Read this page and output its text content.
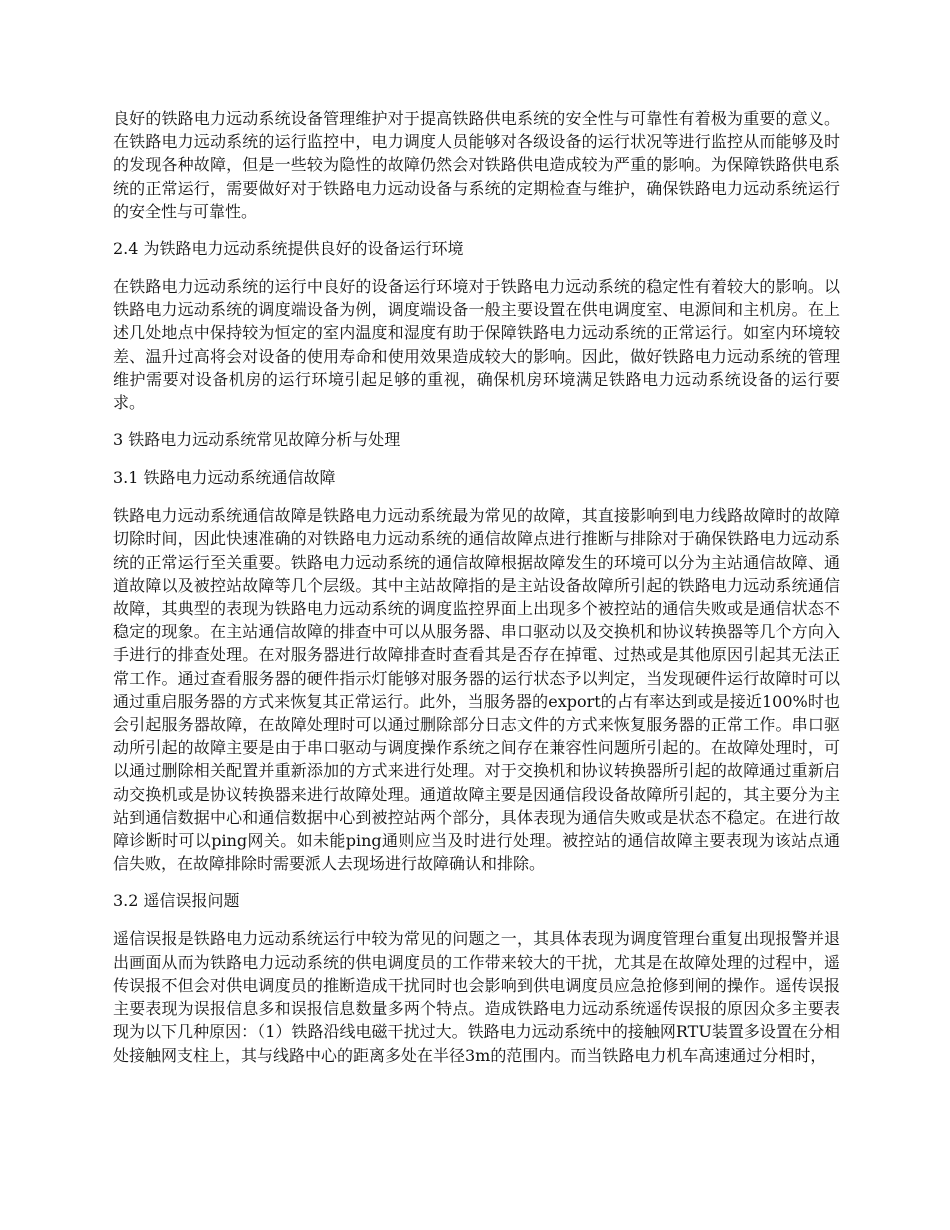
良好的铁路电力远动系统设备管理维护对于提高铁路供电系统的安全性与可靠性有着极为重要的意义。在铁路电力远动系统的运行监控中，电力调度人员能够对各级设备的运行状况等进行监控从而能够及时的发现各种故障，但是一些较为隐性的故障仍然会对铁路供电造成较为严重的影响。为保障铁路供电系统的正常运行，需要做好对于铁路电力远动设备与系统的定期检查与维护，确保铁路电力远动系统运行的安全性与可靠性。

2.4 为铁路电力远动系统提供良好的设备运行环境

在铁路电力远动系统的运行中良好的设备运行环境对于铁路电力远动系统的稳定性有着较大的影响。以铁路电力远动系统的调度端设备为例，调度端设备一般主要设置在供电调度室、电源间和主机房。在上述几处地点中保持较为恒定的室内温度和湿度有助于保障铁路电力远动系统的正常运行。如室内环境较差、温升过高将会对设备的使用寿命和使用效果造成较大的影响。因此，做好铁路电力远动系统的管理维护需要对设备机房的运行环境引起足够的重视，确保机房环境满足铁路电力远动系统设备的运行要求。

3 铁路电力远动系统常见故障分析与处理

3.1 铁路电力远动系统通信故障

铁路电力远动系统通信故障是铁路电力远动系统最为常见的故障，其直接影响到电力线路故障时的故障切除时间，因此快速准确的对铁路电力远动系统的通信故障点进行推断与排除对于确保铁路电力远动系统的正常运行至关重要。铁路电力远动系统的通信故障根据故障发生的环境可以分为主站通信故障、通道故障以及被控站故障等几个层级。其中主站故障指的是主站设备故障所引起的铁路电力远动系统通信故障，其典型的表现为铁路电力远动系统的调度监控界面上出现多个被控站的通信失败或是通信状态不稳定的现象。在主站通信故障的排查中可以从服务器、串口驱动以及交换机和协议转换器等几个方向入手进行的排查处理。在对服务器进行故障排查时查看其是否存在掉電、过热或是其他原因引起其无法正常工作。通过查看服务器的硬件指示灯能够对服务器的运行状态予以判定，当发现硬件运行故障时可以通过重启服务器的方式来恢复其正常运行。此外，当服务器的export的占有率达到或是接近100%时也会引起服务器故障，在故障处理时可以通过删除部分日志文件的方式来恢复服务器的正常工作。串口驱动所引起的故障主要是由于串口驱动与调度操作系统之间存在兼容性问题所引起的。在故障处理时，可以通过删除相关配置并重新添加的方式来进行处理。对于交换机和协议转换器所引起的故障通过重新启动交换机或是协议转换器来进行故障处理。通道故障主要是因通信段设备故障所引起的，其主要分为主站到通信数据中心和通信数据中心到被控站两个部分，具体表现为通信失败或是状态不稳定。在进行故障诊断时可以ping网关。如未能ping通则应当及时进行处理。被控站的通信故障主要表现为该站点通信失败，在故障排除时需要派人去现场进行故障确认和排除。

3.2 遥信误报问题

遥信误报是铁路电力远动系统运行中较为常见的问题之一，其具体表现为调度管理台重复出现报警并退出画面从而为铁路电力远动系统的供电调度员的工作带来较大的干扰，尤其是在故障处理的过程中，遥传误报不但会对供电调度员的推断造成干扰同时也会影响到供电调度员应急抢修到闸的操作。遥传误报主要表现为误报信息多和误报信息数量多两个特点。造成铁路电力远动系统遥传误报的原因众多主要表现为以下几种原因：（1）铁路沿线电磁干扰过大。铁路电力远动系统中的接触网RTU装置多设置在分相处接触网支柱上，其与线路中心的距离多处在半径3m的范围内。而当铁路电力机车高速通过分相时，
